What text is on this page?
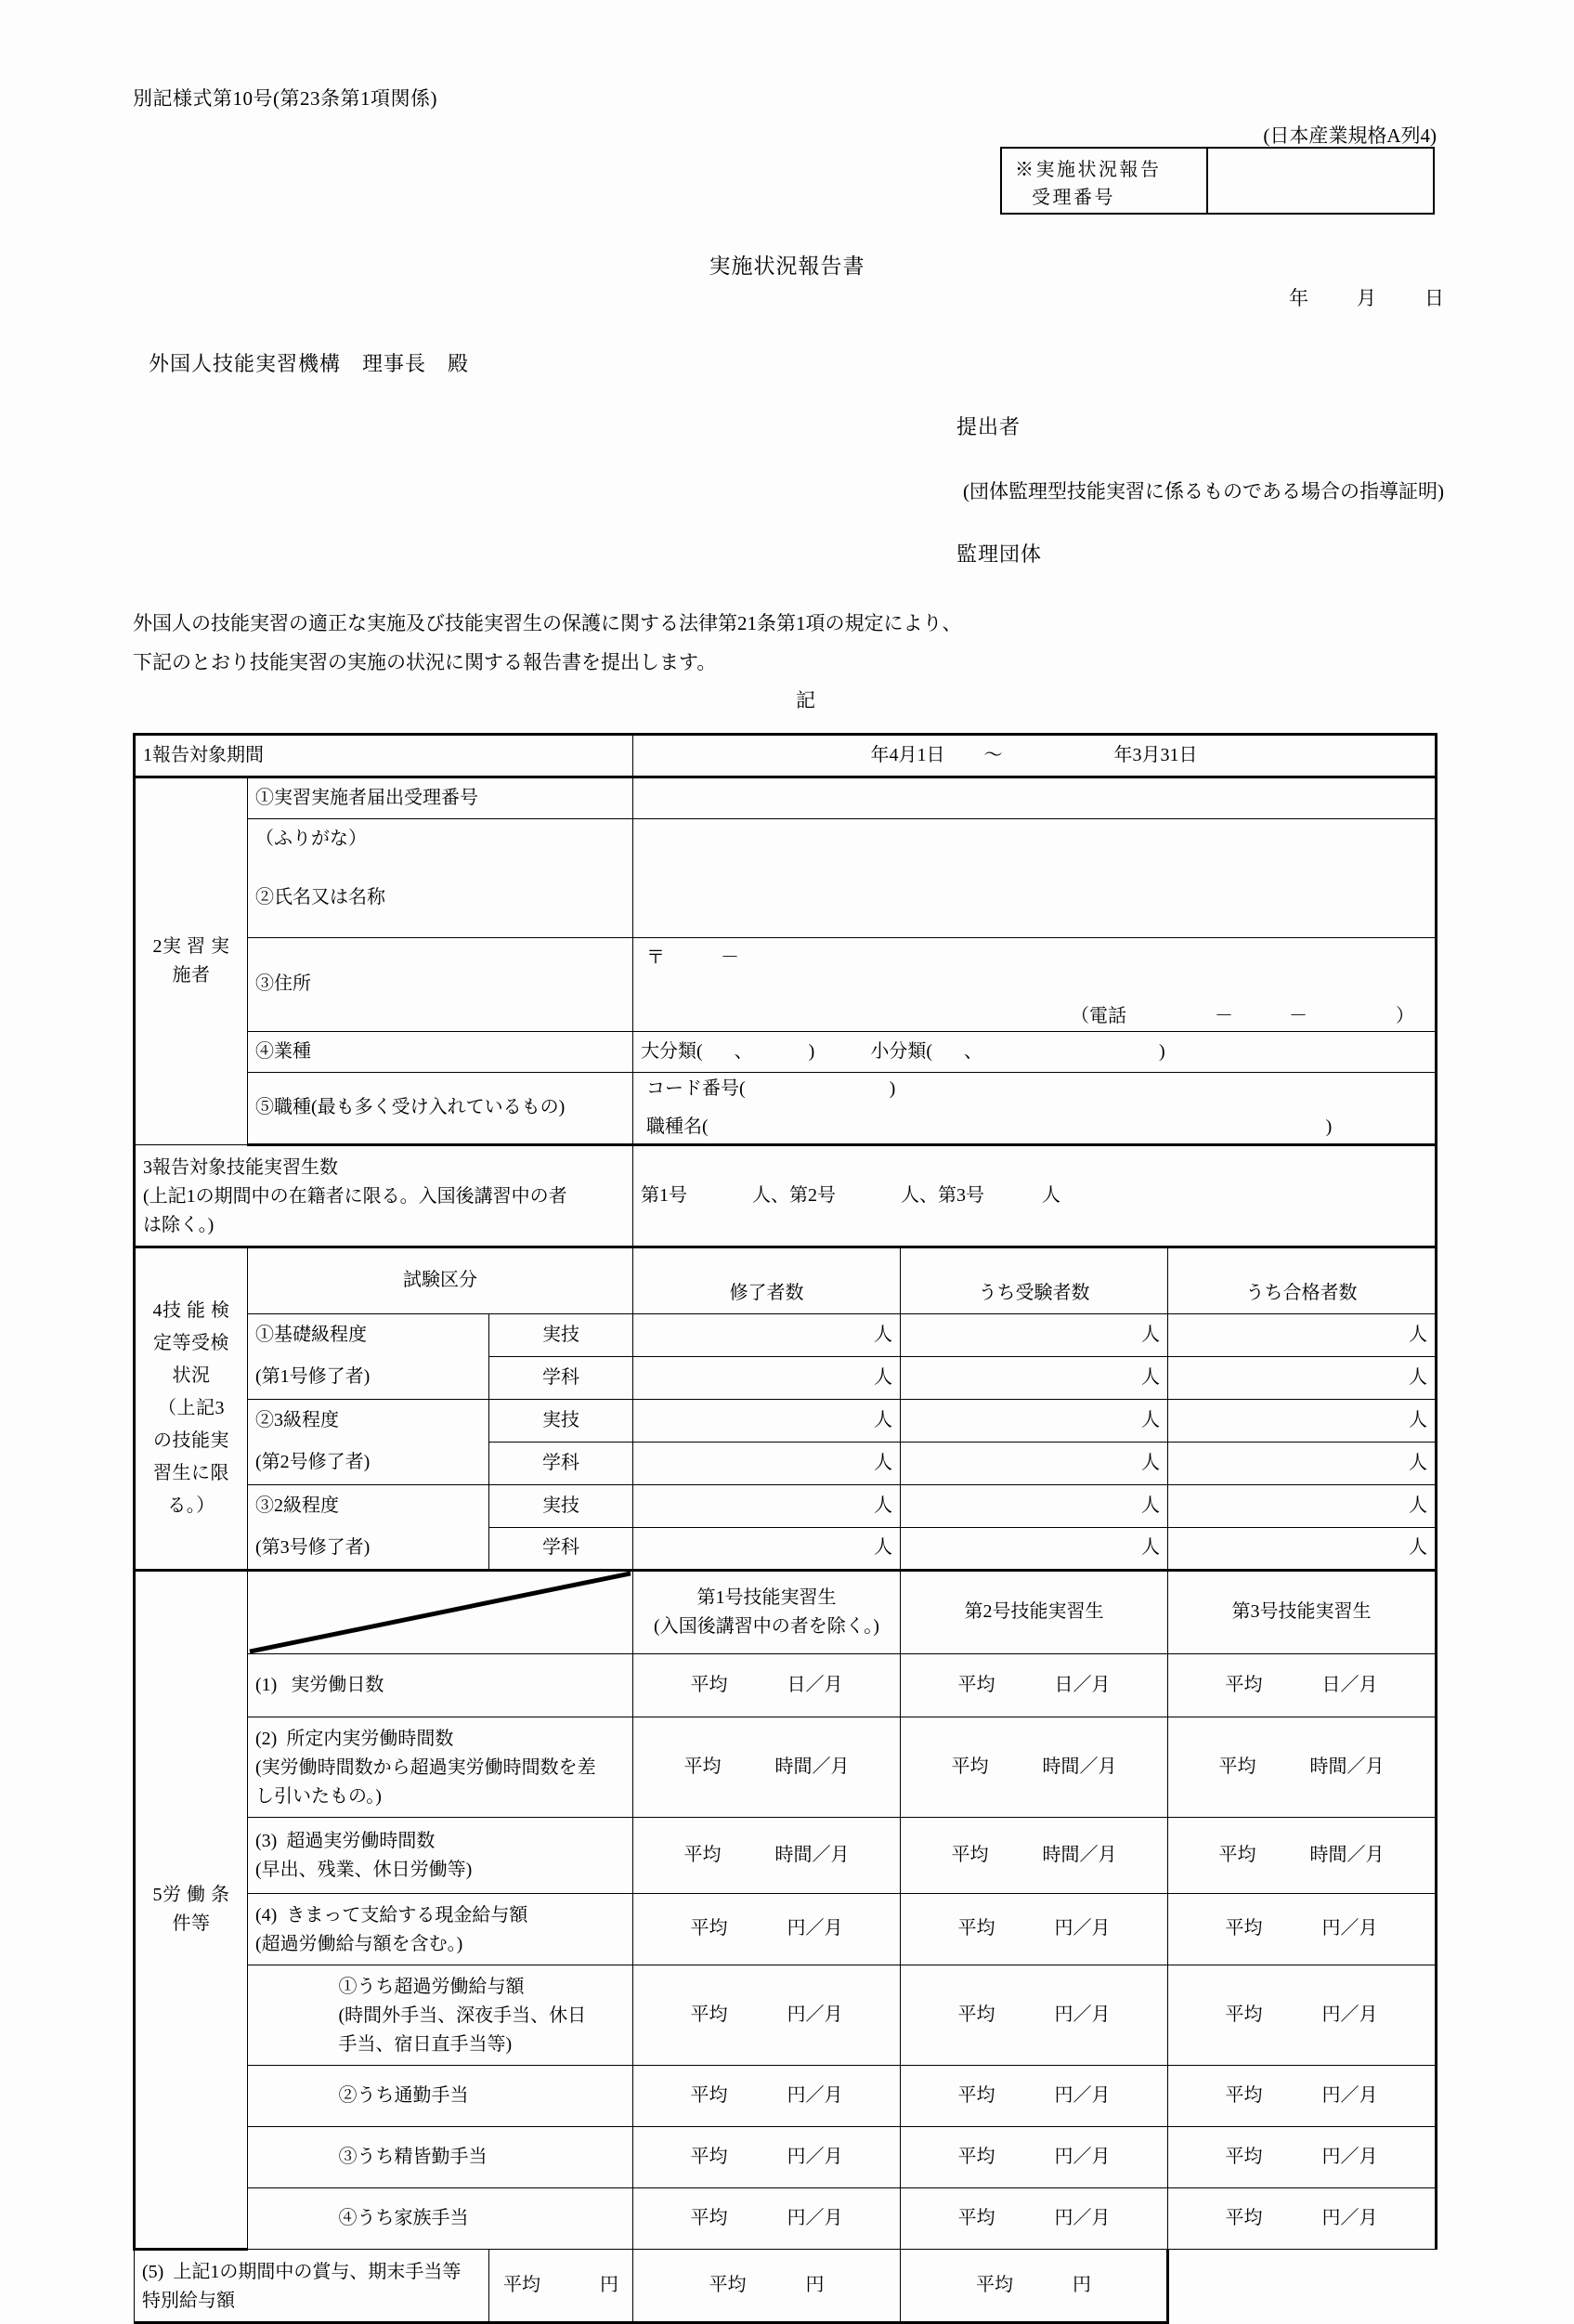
別記様式第10号(第23条第1項関係)
(日本産業規格A列4)
※実施状況報告
受理番号
実施状況報告書
年 月 日
外国人技能実習機構　理事長　殿
提出者
(団体監理型技能実習に係るものである場合の指導証明)
監理団体
外国人の技能実習の適正な実施及び技能実習生の保護に関する法律第21条第1項の規定により、
下記のとおり技能実習の実施の状況に関する報告書を提出します。
記
1報告対象期間				年4月1日 ～ 年3月31日		

2実 習 実
施者	①実習実施者届出受理番号					
	（ふりがな）					
	②氏名又は名称					
	③住所			〒 －
（電話 － － ）		

	④業種			大分類( 、 ) 小分類( 、 )		
	⑤職種(最も多く受け入れているもの)			コード番号( )
職種名( )		

3報告対象技能実習生数
(上記1の期間中の在籍者に限る。入国後講習中の者
は除く。)				第1号 人、第2号 人、第3号 人		

4技 能 検
定等受検
状況
（上記3
の技能実
習生に限
る。）
	試験区分	修了者数	うち受験者数	うち合格者数
	①基礎級程度		実技	人	人	人
	(第1号修了者)		学科	人	人	人
	②3級程度		実技	人	人	人
	(第2号修了者)		学科	人	人	人
	③2級程度		実技	人	人	人
	(第3号修了者)		学科	人	人	人

5労 働 条
件等

第1号技能実習生
(入国後講習中の者を除く。)
	第2号技能実習生	第3号技能実習生
	(1) 実労働日数			平均 日／月	平均 日／月	平均 日／月

	(2) 所定内実労働時間数
(実労働時間数から超過実労働時間数を差
し引いたもの。)			平均 時間／月	平均 時間／月	平均 時間／月

	(3) 超過実労働時間数
(早出、残業、休日労働等)			平均 時間／月	平均 時間／月	平均 時間／月

	(4) きまって支給する現金給与額
(超過労働給与額を含む。)			平均 円／月	平均 円／月	平均 円／月

		①うち超過労働給与額
(時間外手当、深夜手当、休日
手当、宿日直手当等)		平均 円／月	平均 円／月	平均 円／月
		②うち通勤手当		平均 円／月	平均 円／月	平均 円／月
		③うち精皆勤手当		平均 円／月	平均 円／月	平均 円／月
		④うち家族手当		平均 円／月	平均 円／月	平均 円／月

(5) 上記1の期間中の賞与、期末手当等
特別給与額			平均 円	平均 円	平均 円	
